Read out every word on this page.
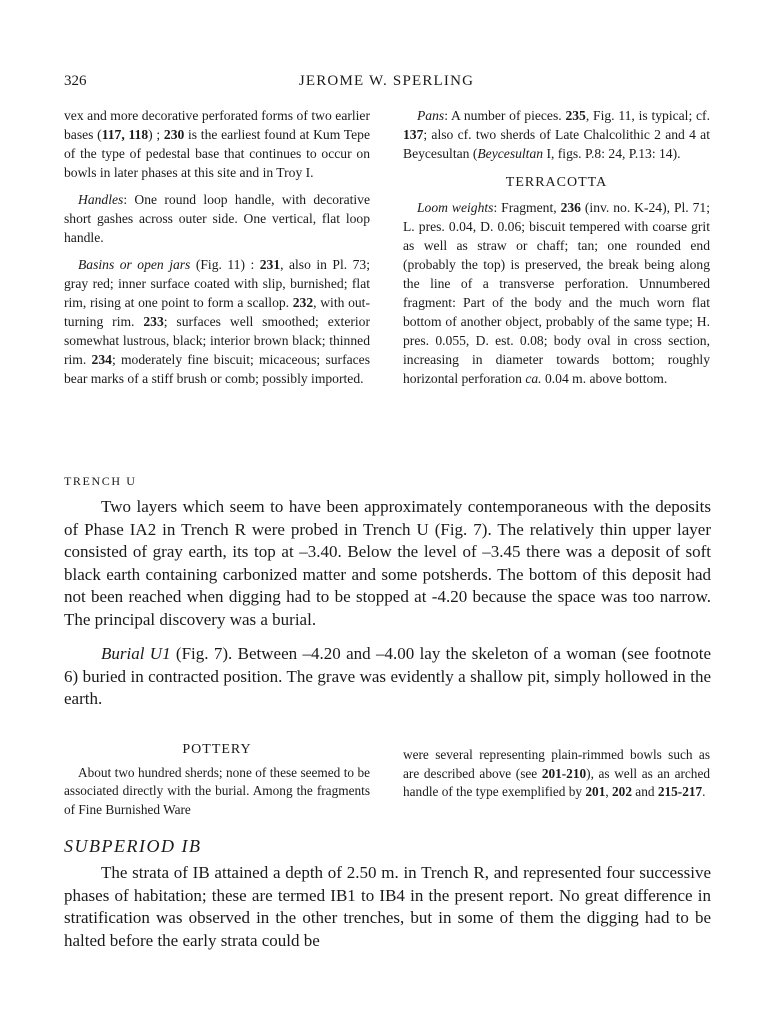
326	JEROME W. SPERLING

vex and more decorative perforated forms of two earlier bases (117, 118) ; 230 is the earliest found at Kum Tepe of the type of pedestal base that continues to occur on bowls in later phases at this site and in Troy I.

Handles: One round loop handle, with decorative short gashes across outer side. One vertical, flat loop handle.

Basins or open jars (Fig. 11) : 231, also in Pl. 73; gray red; inner surface coated with slip, burnished; flat rim, rising at one point to form a scallop. 232, with out-turning rim. 233; surfaces well smoothed; exterior somewhat lustrous, black; interior brown black; thinned rim. 234; moderately fine biscuit; micaceous; surfaces bear marks of a stiff brush or comb; possibly imported.

Pans: A number of pieces. 235, Fig. 11, is typical; cf. 137; also cf. two sherds of Late Chalcolithic 2 and 4 at Beycesultan (Beycesultan I, figs. P.8: 24, P.13: 14).

TERRACOTTA

Loom weights: Fragment, 236 (inv. no. K-24), Pl. 71; L. pres. 0.04, D. 0.06; biscuit tempered with coarse grit as well as straw or chaff; tan; one rounded end (probably the top) is preserved, the break being along the line of a transverse perforation. Unnumbered fragment: Part of the body and the much worn flat bottom of another object, probably of the same type; H. pres. 0.055, D. est. 0.08; body oval in cross section, increasing in diameter towards bottom; roughly horizontal perforation ca. 0.04 m. above bottom.

TRENCH U

Two layers which seem to have been approximately contemporaneous with the deposits of Phase IA2 in Trench R were probed in Trench U (Fig. 7). The relatively thin upper layer consisted of gray earth, its top at –3.40. Below the level of –3.45 there was a deposit of soft black earth containing carbonized matter and some potsherds. The bottom of this deposit had not been reached when digging had to be stopped at -4.20 because the space was too narrow. The principal discovery was a burial.

Burial U1 (Fig. 7). Between –4.20 and –4.00 lay the skeleton of a woman (see footnote 6) buried in contracted position. The grave was evidently a shallow pit, simply hollowed in the earth.

POTTERY

About two hundred sherds; none of these seemed to be associated directly with the burial. Among the fragments of Fine Burnished Ware

were several representing plain-rimmed bowls such as are described above (see 201-210), as well as an arched handle of the type exemplified by 201, 202 and 215-217.

SUBPERIOD IB

The strata of IB attained a depth of 2.50 m. in Trench R, and represented four successive phases of habitation; these are termed IB1 to IB4 in the present report. No great difference in stratification was observed in the other trenches, but in some of them the digging had to be halted before the early strata could be
